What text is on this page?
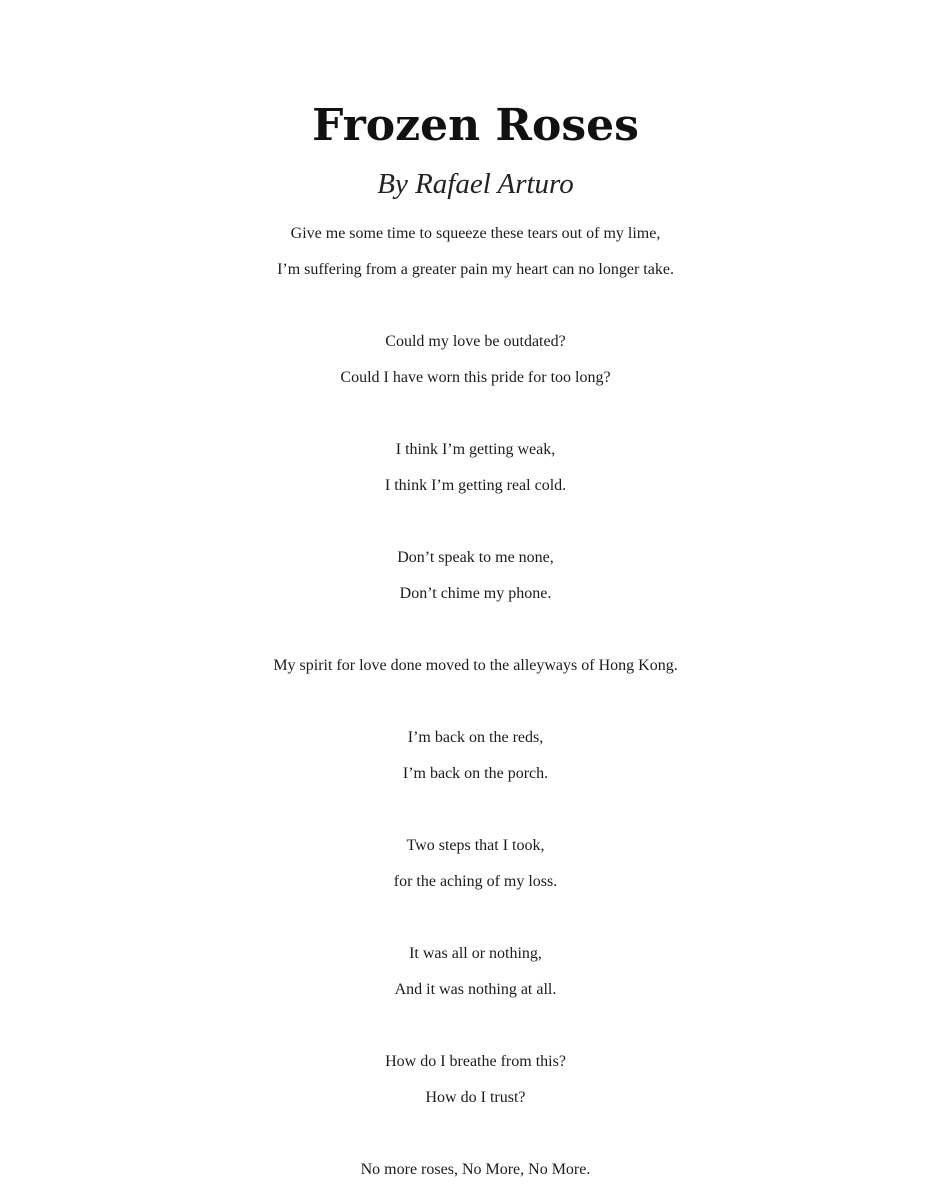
Frozen Roses

By Rafael Arturo

Give me some time to squeeze these tears out of my lime,
I’m suffering from a greater pain my heart can no longer take.
Could my love be outdated?
Could I have worn this pride for too long?
I think I’m getting weak,
I think I’m getting real cold.
Don’t speak to me none,
Don’t chime my phone.
My spirit for love done moved to the alleyways of Hong Kong.
I’m back on the reds,
I’m back on the porch.
Two steps that I took,
for the aching of my loss.
It was all or nothing,
And it was nothing at all.
How do I breathe from this?
How do I trust?
No more roses, No More, No More.
